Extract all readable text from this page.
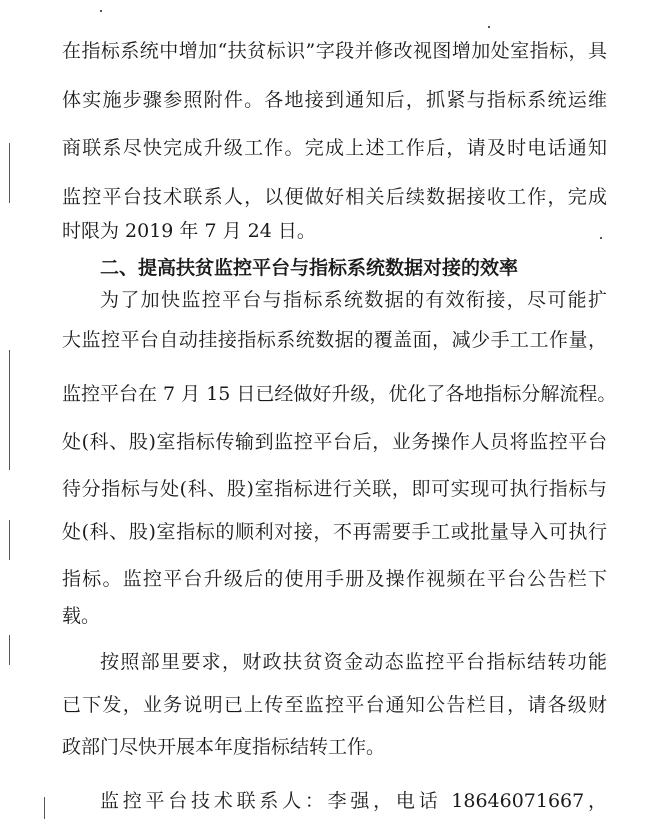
在指标系统中增加“扶贫标识”字段并修改视图增加处室指标，具
体实施步骤参照附件。各地接到通知后，抓紧与指标系统运维
商联系尽快完成升级工作。完成上述工作后，请及时电话通知
监控平台技术联系人，以便做好相关后续数据接收工作，完成
时限为 2019 年 7 月 24 日。
二、提高扶贫监控平台与指标系统数据对接的效率
为了加快监控平台与指标系统数据的有效衔接，尽可能扩
大监控平台自动挂接指标系统数据的覆盖面，减少手工工作量，
监控平台在 7 月 15 日已经做好升级，优化了各地指标分解流程。
处(科、股)室指标传输到监控平台后，业务操作人员将监控平台
待分指标与处(科、股)室指标进行关联，即可实现可执行指标与
处(科、股)室指标的顺利对接，不再需要手工或批量导入可执行
指标。监控平台升级后的使用手册及操作视频在平台公告栏下
载。
按照部里要求，财政扶贫资金动态监控平台指标结转功能
已下发，业务说明已上传至监控平台通知公告栏目，请各级财
政部门尽快开展本年度指标结转工作。
监控平台技术联系人：李强，电话 18646071667，
